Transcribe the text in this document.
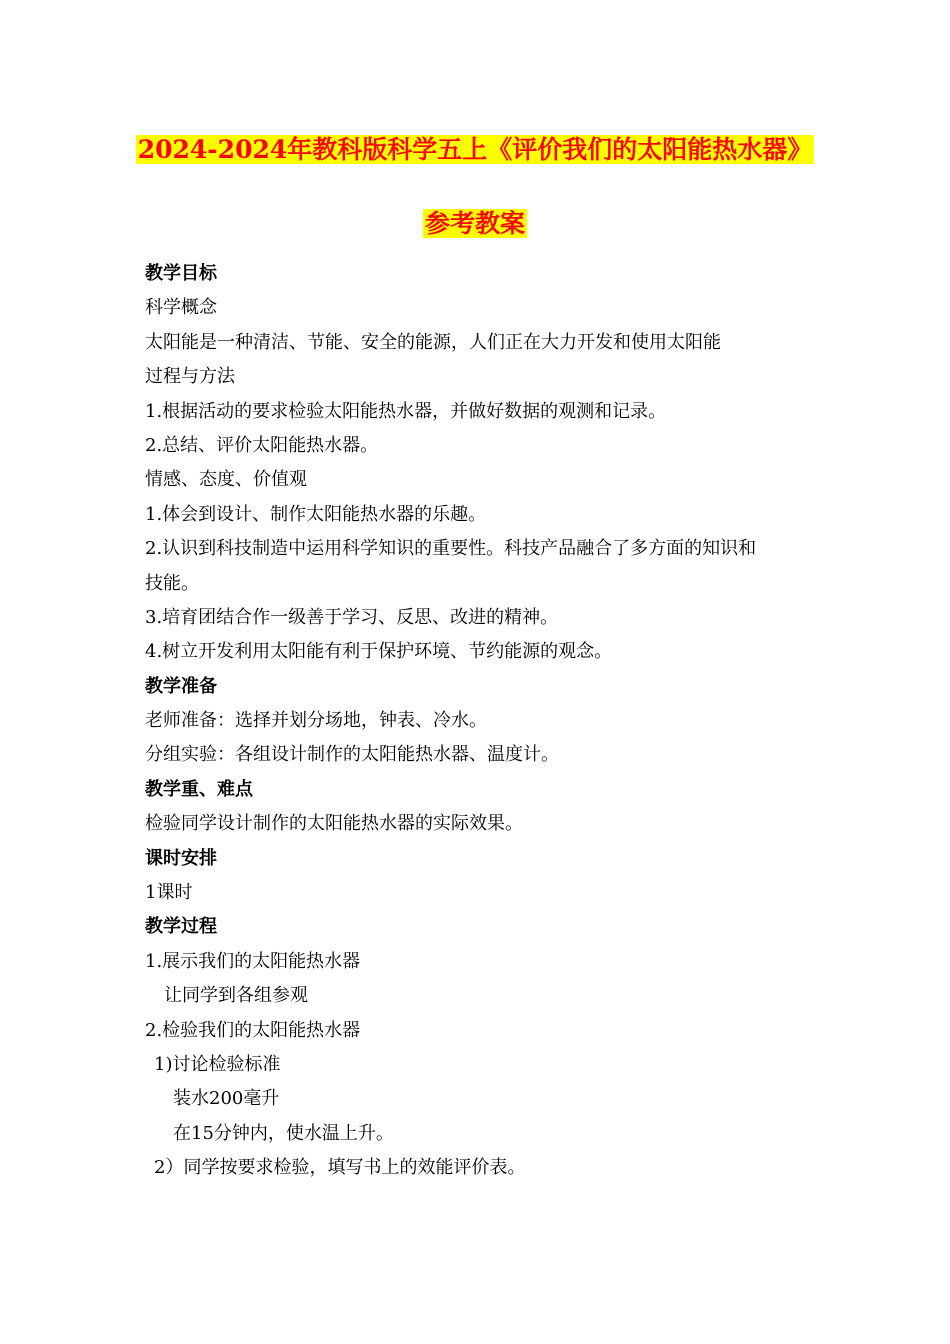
2024-2024年教科版科学五上《评价我们的太阳能热水器》
参考教案
教学目标
科学概念
太阳能是一种清洁、节能、安全的能源，人们正在大力开发和使用太阳能
过程与方法
1.根据活动的要求检验太阳能热水器，并做好数据的观测和记录。
2.总结、评价太阳能热水器。
情感、态度、价值观
1.体会到设计、制作太阳能热水器的乐趣。
2.认识到科技制造中运用科学知识的重要性。科技产品融合了多方面的知识和
技能。
3.培育团结合作一级善于学习、反思、改进的精神。
4.树立开发利用太阳能有利于保护环境、节约能源的观念。
教学准备
老师准备：选择并划分场地，钟表、冷水。
分组实验：各组设计制作的太阳能热水器、温度计。
教学重、难点
检验同学设计制作的太阳能热水器的实际效果。
课时安排
1课时
教学过程
1.展示我们的太阳能热水器
让同学到各组参观
2.检验我们的太阳能热水器
1)讨论检验标准
装水200毫升
在15分钟内，使水温上升。
2）同学按要求检验，填写书上的效能评价表。
